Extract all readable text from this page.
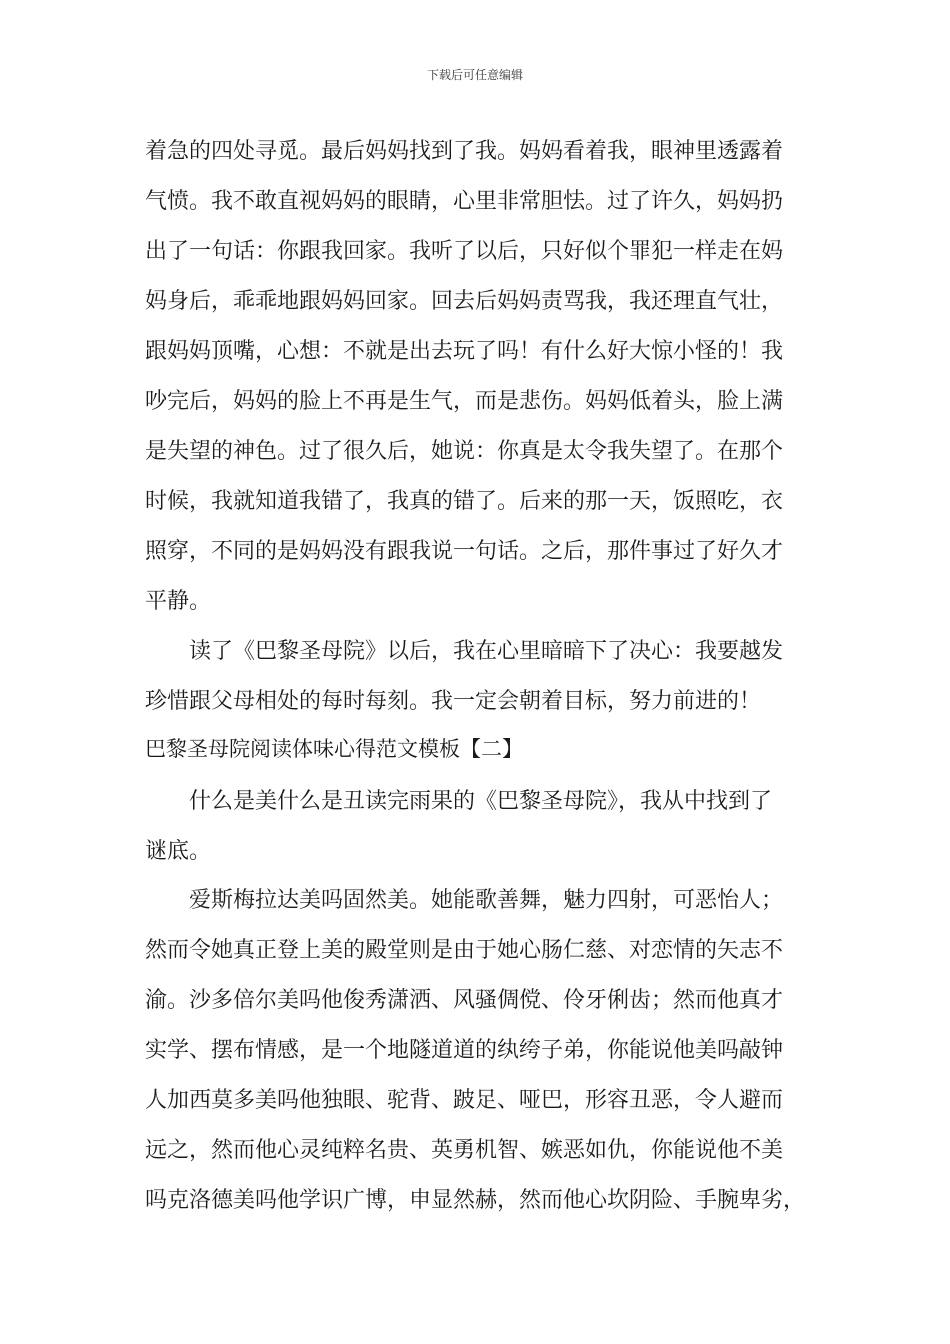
下载后可任意编辑
着急的四处寻觅。最后妈妈找到了我。妈妈看着我，眼神里透露着
气愤。我不敢直视妈妈的眼睛，心里非常胆怯。过了许久，妈妈扔
出了一句话：你跟我回家。我听了以后，只好似个罪犯一样走在妈
妈身后，乖乖地跟妈妈回家。回去后妈妈责骂我，我还理直气壮，
跟妈妈顶嘴，心想：不就是出去玩了吗！有什么好大惊小怪的！我
吵完后，妈妈的脸上不再是生气，而是悲伤。妈妈低着头，脸上满
是失望的神色。过了很久后，她说：你真是太令我失望了。在那个
时候，我就知道我错了，我真的错了。后来的那一天，饭照吃，衣
照穿，不同的是妈妈没有跟我说一句话。之后，那件事过了好久才
平静。
读了《巴黎圣母院》以后，我在心里暗暗下了决心：我要越发
珍惜跟父母相处的每时每刻。我一定会朝着目标，努力前进的！
巴黎圣母院阅读体味心得范文模板【二】
什么是美什么是丑读完雨果的《巴黎圣母院》，我从中找到了
谜底。
爱斯梅拉达美吗固然美。她能歌善舞，魅力四射，可恶怡人；
然而令她真正登上美的殿堂则是由于她心肠仁慈、对恋情的矢志不
渝。沙多倍尔美吗他俊秀潇洒、风骚倜傥、伶牙俐齿；然而他真才
实学、摆布情感，是一个地隧道道的纨绔子弟，你能说他美吗敲钟
人加西莫多美吗他独眼、驼背、跛足、哑巴，形容丑恶，令人避而
远之，然而他心灵纯粹名贵、英勇机智、嫉恶如仇，你能说他不美
吗克洛德美吗他学识广博，申显然赫，然而他心坎阴险、手腕卑劣，
